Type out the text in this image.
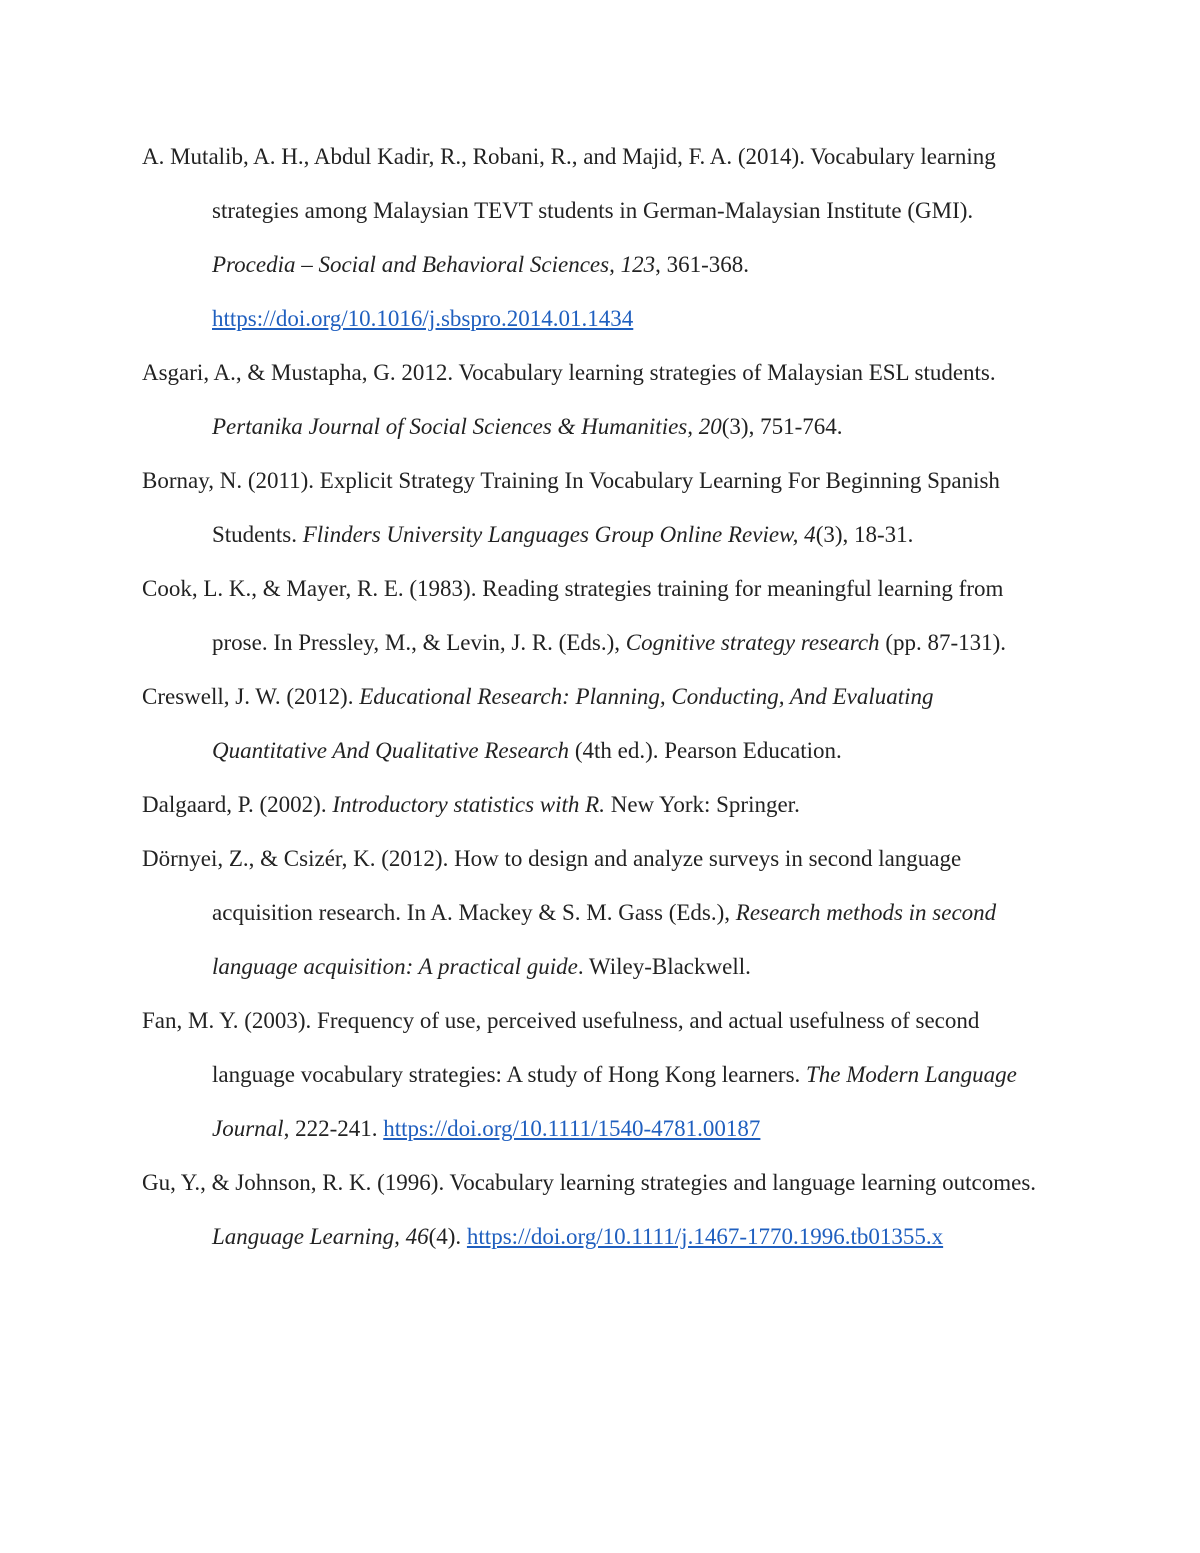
A. Mutalib, A. H., Abdul Kadir, R., Robani, R., and Majid, F. A. (2014). Vocabulary learning strategies among Malaysian TEVT students in German-Malaysian Institute (GMI). Procedia – Social and Behavioral Sciences, 123, 361-368.
https://doi.org/10.1016/j.sbspro.2014.01.1434

Asgari, A., & Mustapha, G. 2012. Vocabulary learning strategies of Malaysian ESL students. Pertanika Journal of Social Sciences & Humanities, 20(3), 751-764.

Bornay, N. (2011). Explicit Strategy Training In Vocabulary Learning For Beginning Spanish Students. Flinders University Languages Group Online Review, 4(3), 18-31.

Cook, L. K., & Mayer, R. E. (1983). Reading strategies training for meaningful learning from prose. In Pressley, M., & Levin, J. R. (Eds.), Cognitive strategy research (pp. 87-131).

Creswell, J. W. (2012). Educational Research: Planning, Conducting, And Evaluating Quantitative And Qualitative Research (4th ed.). Pearson Education.

Dalgaard, P. (2002). Introductory statistics with R. New York: Springer.

Dörnyei, Z., & Csizér, K. (2012). How to design and analyze surveys in second language acquisition research. In A. Mackey & S. M. Gass (Eds.), Research methods in second language acquisition: A practical guide. Wiley-Blackwell.

Fan, M. Y. (2003). Frequency of use, perceived usefulness, and actual usefulness of second language vocabulary strategies: A study of Hong Kong learners. The Modern Language Journal, 222-241. https://doi.org/10.1111/1540-4781.00187

Gu, Y., & Johnson, R. K. (1996). Vocabulary learning strategies and language learning outcomes. Language Learning, 46(4). https://doi.org/10.1111/j.1467-1770.1996.tb01355.x
